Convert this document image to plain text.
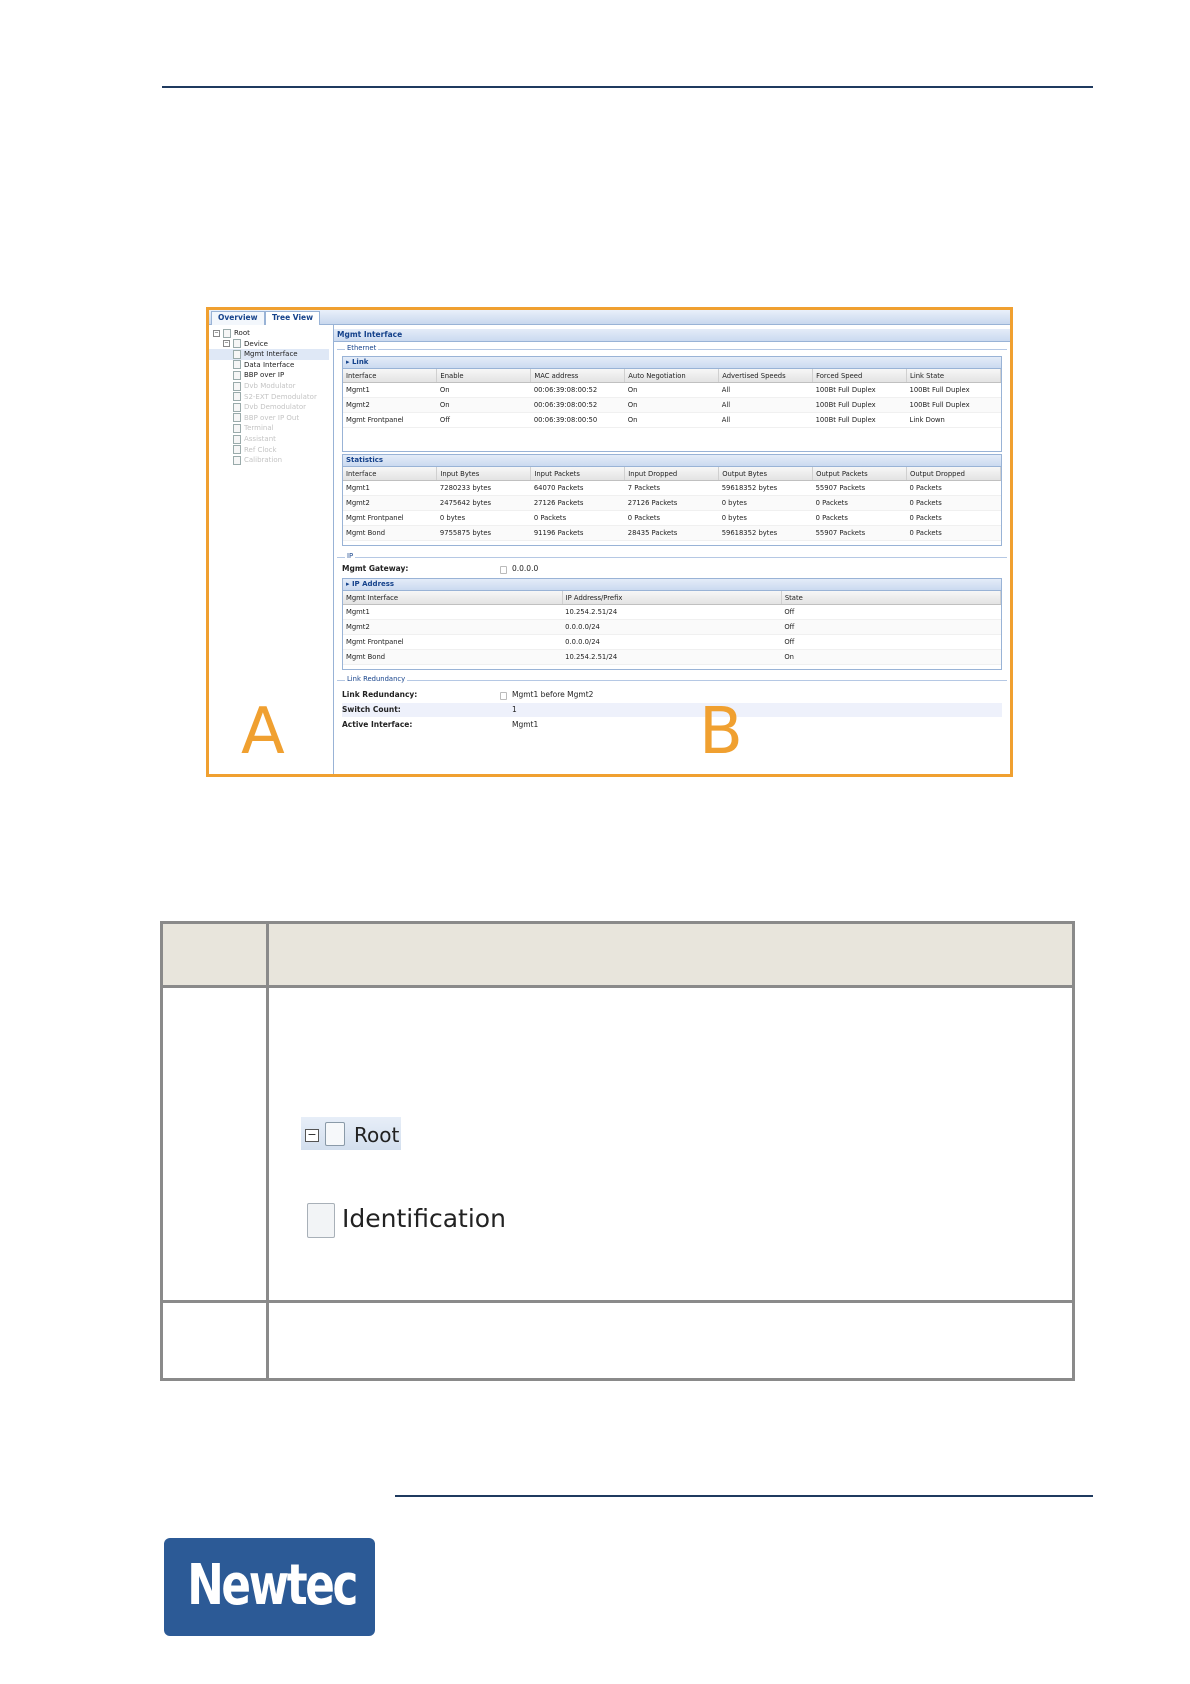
Overview	Tree View
− Root
− Device
Mgmt Interface
Data Interface
BBP over IP
Dvb Modulator
S2-EXT Demodulator
Dvb Demodulator
BBP over IP Out
Terminal
Assistant
Ref Clock
Calibration
Mgmt Interface
Ethernet
▸ Link
Interface	Enable	MAC address	Auto Negotiation	Advertised Speeds	Forced Speed	Link State
Mgmt1	On	00:06:39:08:00:52	On	All	100Bt Full Duplex	100Bt Full Duplex
Mgmt2	On	00:06:39:08:00:52	On	All	100Bt Full Duplex	100Bt Full Duplex
Mgmt Frontpanel	Off	00:06:39:08:00:50	On	All	100Bt Full Duplex	Link Down
Statistics
Interface	Input Bytes	Input Packets	Input Dropped	Output Bytes	Output Packets	Output Dropped
Mgmt1	7280233 bytes	64070 Packets	7 Packets	59618352 bytes	55907 Packets	0 Packets
Mgmt2	2475642 bytes	27126 Packets	27126 Packets	0 bytes	0 Packets	0 Packets
Mgmt Frontpanel	0 bytes	0 Packets	0 Packets	0 bytes	0 Packets	0 Packets
Mgmt Bond	9755875 bytes	91196 Packets	28435 Packets	59618352 bytes	55907 Packets	0 Packets
IP
Mgmt Gateway:	0.0.0.0
▸ IP Address
Mgmt Interface	IP Address/Prefix	State
Mgmt1	10.254.2.51/24	Off
Mgmt2	0.0.0.0/24	Off
Mgmt Frontpanel	0.0.0.0/24	Off
Mgmt Bond	10.254.2.51/24	On
Link Redundancy
Link Redundancy:	Mgmt1 before Mgmt2
Switch Count:	1
Active Interface:	Mgmt1
A	B
− Root
Identification
Newtec
